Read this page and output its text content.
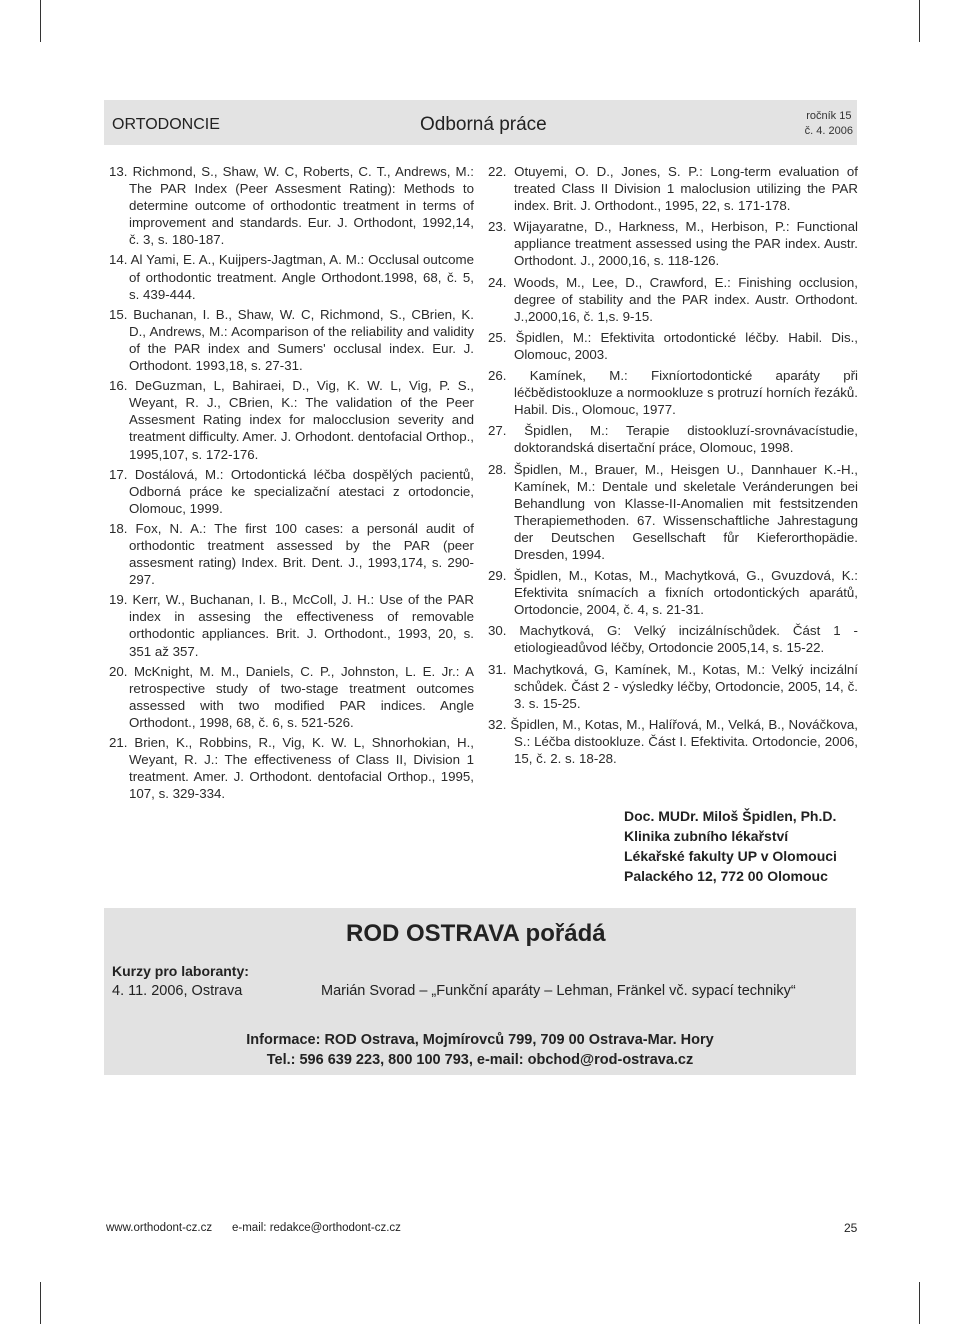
ORTODONCIE	Odborná práce	ročník 15
č. 4. 2006
13. Richmond, S., Shaw, W. C, Roberts, C. T., Andrews, M.: The PAR Index (Peer Assesment Rating): Methods to determine outcome of orthodontic treatment in terms of improvement and standards. Eur. J. Orthodont, 1992,14, č. 3, s. 180-187.
14. Al Yami, E. A., Kuijpers-Jagtman, A. M.: Occlusal outcome of orthodontic treatment. Angle Orthodont.1998, 68, č. 5, s. 439-444.
15. Buchanan, I. B., Shaw, W. C, Richmond, S., CBrien, K. D., Andrews, M.: Acomparison of the reliability and validity of the PAR index and Sumers' occlusal index. Eur. J. Orthodont. 1993,18, s. 27-31.
16. DeGuzman, L, Bahiraei, D., Vig, K. W. L, Vig, P. S., Weyant, R. J., CBrien, K.: The validation of the Peer Assesment Rating index for malocclusion severity and treatment difficulty. Amer. J. Orhodont. dentofacial Orthop., 1995,107, s. 172-176.
17. Dostálová, M.: Ortodontická léčba dospělých pacientů, Odborná práce ke specializační atestaci z ortodoncie, Olomouc, 1999.
18. Fox, N. A.: The first 100 cases: a personál audit of orthodontic treatment assessed by the PAR (peer assesment rating) Index. Brit. Dent. J., 1993,174, s. 290-297.
19. Kerr, W., Buchanan, I. B., McColl, J. H.: Use of the PAR index in assesing the effectiveness of removable orthodontic appliances. Brit. J. Orthodont., 1993, 20, s. 351 až 357.
20. McKnight, M. M., Daniels, C. P., Johnston, L. E. Jr.: A retrospective study of two-stage treatment outcomes assessed with two modified PAR indices. Angle Orthodont., 1998, 68, č. 6, s. 521-526.
21. Brien, K., Robbins, R., Vig, K. W. L, Shnorhokian, H., Weyant, R. J.: The effectiveness of Class II, Division 1 treatment. Amer. J. Orthodont. dentofacial Orthop., 1995, 107, s. 329-334.
22. Otuyemi, O. D., Jones, S. P.: Long-term evaluation of treated Class II Division 1 maloclusion utilizing the PAR index. Brit. J. Orthodont., 1995, 22, s. 171-178.
23. Wijayaratne, D., Harkness, M., Herbison, P.: Functional appliance treatment assessed using the PAR index. Austr. Orthodont. J., 2000,16, s. 118-126.
24. Woods, M., Lee, D., Crawford, E.: Finishing occlusion, degree of stability and the PAR index. Austr. Orthodont. J.,2000,16, č. 1,s. 9-15.
25. Špidlen, M.: Efektivita ortodontické léčby. Habil. Dis., Olomouc, 2003.
26. Kamínek, M.: Fixníortodontické aparáty při léčbědistookluze a normookluze s protruzí horních řezáků. Habil. Dis., Olomouc, 1977.
27. Špidlen, M.: Terapie distookluzí-srovnávacístudie, doktorandská disertační práce, Olomouc, 1998.
28. Špidlen, M., Brauer, M., Heisgen U., Dannhauer K.-H., Kamínek, M.: Dentale und skeletale Veránderungen bei Behandlung von Klasse-II-Anomalien mit festsitzenden Therapiemethoden. 67. Wissenschaftliche Jahrestagung der Deutschen Gesellschaft fůr Kieferorthopädie. Dresden, 1994.
29. Špidlen, M., Kotas, M., Machytková, G., Gvuzdová, K.: Efektivita snímacích a fixních ortodontických aparátů, Ortodoncie, 2004, č. 4, s. 21-31.
30. Machytková, G: Velký incizálníschůdek. Část 1 - etiologieadůvod léčby, Ortodoncie 2005,14, s. 15-22.
31. Machytková, G, Kamínek, M., Kotas, M.: Velký incizální schůdek. Část 2 - výsledky léčby, Ortodoncie, 2005, 14, č. 3. s. 15-25.
32. Špidlen, M., Kotas, M., Halířová, M., Velká, B., Nováčkova, S.: Léčba distookluze. Část I. Efektivita. Ortodoncie, 2006, 15, č. 2. s. 18-28.
Doc. MUDr. Miloš Špidlen, Ph.D.
Klinika zubního lékařství
Lékařské fakulty UP v Olomouci
Palackého 12, 772 00 Olomouc
ROD OSTRAVA pořádá
Kurzy pro laboranty:
4. 11. 2006, Ostrava	Marián Svorad – „Funkční aparáty – Lehman, Fränkel vč. sypací techniky“
Informace: ROD Ostrava, Mojmírovců 799, 709 00 Ostrava-Mar. Hory
Tel.: 596 639 223, 800 100 793, e-mail: obchod@rod-ostrava.cz
www.orthodont-cz.cz e-mail: redakce@orthodont-cz.cz	25
